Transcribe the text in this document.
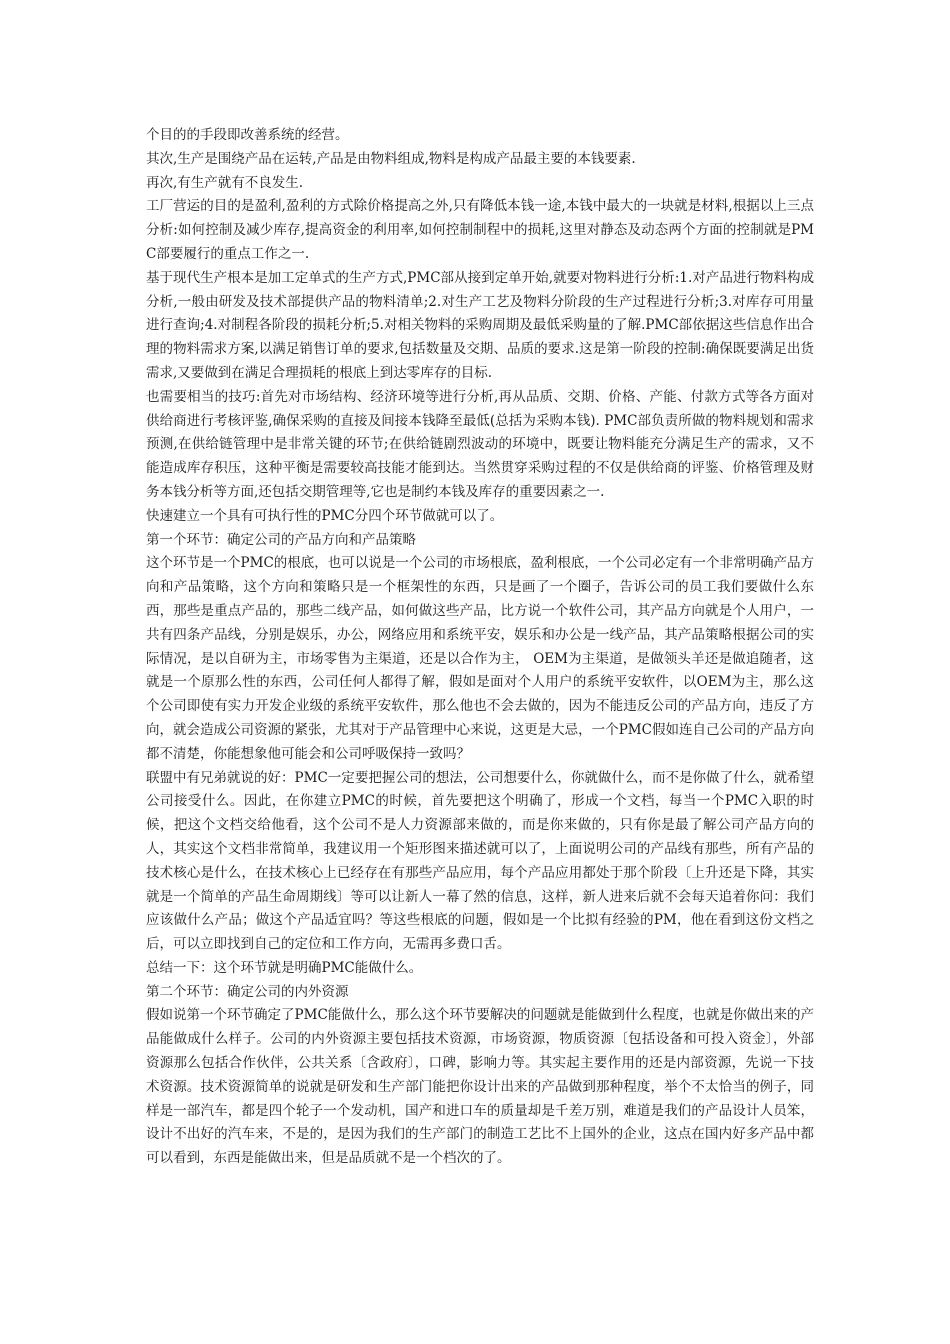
个目的的手段即改善系统的经营。

其次,生产是围绕产品在运转,产品是由物料组成,物料是构成产品最主要的本钱要素.

再次,有生产就有不良发生.

工厂营运的目的是盈利,盈利的方式除价格提高之外,只有降低本钱一途,本钱中最大的一块就是材料,根据以上三点分析:如何控制及减少库存,提高资金的利用率,如何控制制程中的损耗,这里对静态及动态两个方面的控制就是PMC部要履行的重点工作之一.

基于现代生产根本是加工定单式的生产方式,PMC部从接到定单开始,就要对物料进行分析:1.对产品进行物料构成分析,一般由研发及技术部提供产品的物料清单;2.对生产工艺及物料分阶段的生产过程进行分析;3.对库存可用量进行查询;4.对制程各阶段的损耗分析;5.对相关物料的采购周期及最低采购量的了解.PMC部依据这些信息作出合理的物料需求方案,以满足销售订单的要求,包括数量及交期、品质的要求.这是第一阶段的控制:确保既要满足出货需求,又要做到在满足合理损耗的根底上到达零库存的目标.

也需要相当的技巧:首先对市场结构、经济环境等进行分析,再从品质、交期、价格、产能、付款方式等各方面对供给商进行考核评鉴,确保采购的直接及间接本钱降至最低(总括为采购本钱). PMC部负责所做的物料规划和需求预测,在供给链管理中是非常关键的环节;在供给链剧烈波动的环境中，既要让物料能充分满足生产的需求，又不能造成库存积压，这种平衡是需要较高技能才能到达。当然贯穿采购过程的不仅是供给商的评鉴、价格管理及财务本钱分析等方面,还包括交期管理等,它也是制约本钱及库存的重要因素之一.

快速建立一个具有可执行性的PMC分四个环节做就可以了。

第一个环节：确定公司的产品方向和产品策略

这个环节是一个PMC的根底，也可以说是一个公司的市场根底，盈利根底，一个公司必定有一个非常明确产品方向和产品策略，这个方向和策略只是一个框架性的东西，只是画了一个圈子，告诉公司的员工我们要做什么东西，那些是重点产品的，那些二线产品，如何做这些产品，比方说一个软件公司，其产品方向就是个人用户，一共有四条产品线，分别是娱乐，办公，网络应用和系统平安，娱乐和办公是一线产品，其产品策略根据公司的实际情况，是以自研为主，市场零售为主渠道，还是以合作为主， OEM为主渠道，是做领头羊还是做追随者，这就是一个原那么性的东西，公司任何人都得了解，假如是面对个人用户的系统平安软件，以OEM为主，那么这个公司即使有实力开发企业级的系统平安软件，那么他也不会去做的，因为不能违反公司的产品方向，违反了方向，就会造成公司资源的紧张，尤其对于产品管理中心来说，这更是大忌，一个PMC假如连自己公司的产品方向都不清楚，你能想象他可能会和公司呼吸保持一致吗？

联盟中有兄弟就说的好：PMC一定要把握公司的想法，公司想要什么，你就做什么，而不是你做了什么，就希望公司接受什么。因此，在你建立PMC的时候，首先要把这个明确了，形成一个文档，每当一个PMC入职的时候，把这个文档交给他看，这个公司不是人力资源部来做的，而是你来做的，只有你是最了解公司产品方向的人，其实这个文档非常简单，我建议用一个矩形图来描述就可以了，上面说明公司的产品线有那些，所有产品的技术核心是什么，在技术核心上已经存在有那些产品应用，每个产品应用都处于那个阶段〔上升还是下降，其实就是一个简单的产品生命周期线〕等可以让新人一幕了然的信息，这样，新人进来后就不会每天追着你问：我们应该做什么产品；做这个产品适宜吗？等这些根底的问题，假如是一个比拟有经验的PM，他在看到这份文档之后，可以立即找到自己的定位和工作方向，无需再多费口舌。

总结一下：这个环节就是明确PMC能做什么。

第二个环节：确定公司的内外资源

假如说第一个环节确定了PMC能做什么，那么这个环节要解决的问题就是能做到什么程度，也就是你做出来的产品能做成什么样子。公司的内外资源主要包括技术资源，市场资源，物质资源〔包括设备和可投入资金〕，外部资源那么包括合作伙伴，公共关系〔含政府〕，口碑，影响力等。其实起主要作用的还是内部资源，先说一下技术资源。技术资源简单的说就是研发和生产部门能把你设计出来的产品做到那种程度，举个不太恰当的例子，同样是一部汽车，都是四个轮子一个发动机，国产和进口车的质量却是千差万别，难道是我们的产品设计人员笨，设计不出好的汽车来，不是的，是因为我们的生产部门的制造工艺比不上国外的企业，这点在国内好多产品中都可以看到，东西是能做出来，但是品质就不是一个档次的了。
